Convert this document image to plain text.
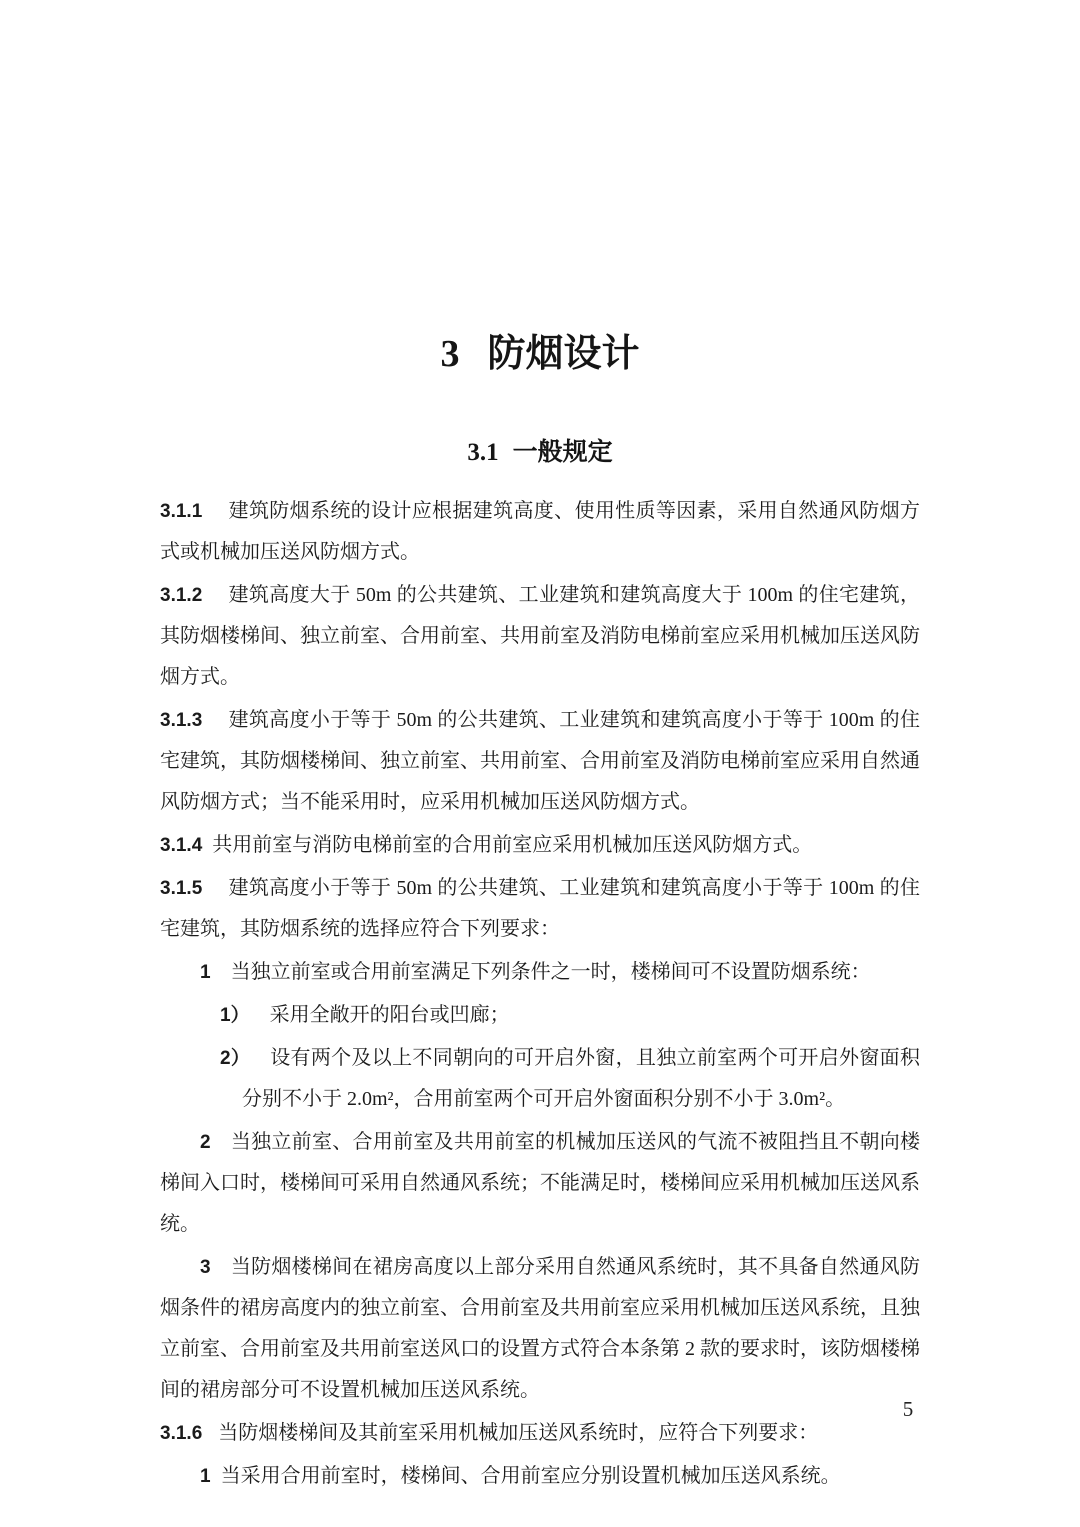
3 防烟设计
3.1 一般规定

3.1.1 建筑防烟系统的设计应根据建筑高度、使用性质等因素，采用自然通风防烟方式或机械加压送风防烟方式。

3.1.2 建筑高度大于 50m 的公共建筑、工业建筑和建筑高度大于 100m 的住宅建筑，其防烟楼梯间、独立前室、合用前室、共用前室及消防电梯前室应采用机械加压送风防烟方式。

3.1.3 建筑高度小于等于 50m 的公共建筑、工业建筑和建筑高度小于等于 100m 的住宅建筑，其防烟楼梯间、独立前室、共用前室、合用前室及消防电梯前室应采用自然通风防烟方式；当不能采用时，应采用机械加压送风防烟方式。

3.1.4 共用前室与消防电梯前室的合用前室应采用机械加压送风防烟方式。

3.1.5 建筑高度小于等于 50m 的公共建筑、工业建筑和建筑高度小于等于 100m 的住宅建筑，其防烟系统的选择应符合下列要求：

1 当独立前室或合用前室满足下列条件之一时，楼梯间可不设置防烟系统：

1） 采用全敞开的阳台或凹廊；

2） 设有两个及以上不同朝向的可开启外窗，且独立前室两个可开启外窗面积分别不小于 2.0m²，合用前室两个可开启外窗面积分别不小于 3.0m²。

2 当独立前室、合用前室及共用前室的机械加压送风的气流不被阻挡且不朝向楼梯间入口时，楼梯间可采用自然通风系统；不能满足时，楼梯间应采用机械加压送风系统。

3 当防烟楼梯间在裙房高度以上部分采用自然通风系统时，其不具备自然通风防烟条件的裙房高度内的独立前室、合用前室及共用前室应采用机械加压送风系统，且独立前室、合用前室及共用前室送风口的设置方式符合本条第 2 款的要求时，该防烟楼梯间的裙房部分可不设置机械加压送风系统。

3.1.6 当防烟楼梯间及其前室采用机械加压送风系统时，应符合下列要求：

1 当采用合用前室时，楼梯间、合用前室应分别设置机械加压送风系统。

5
